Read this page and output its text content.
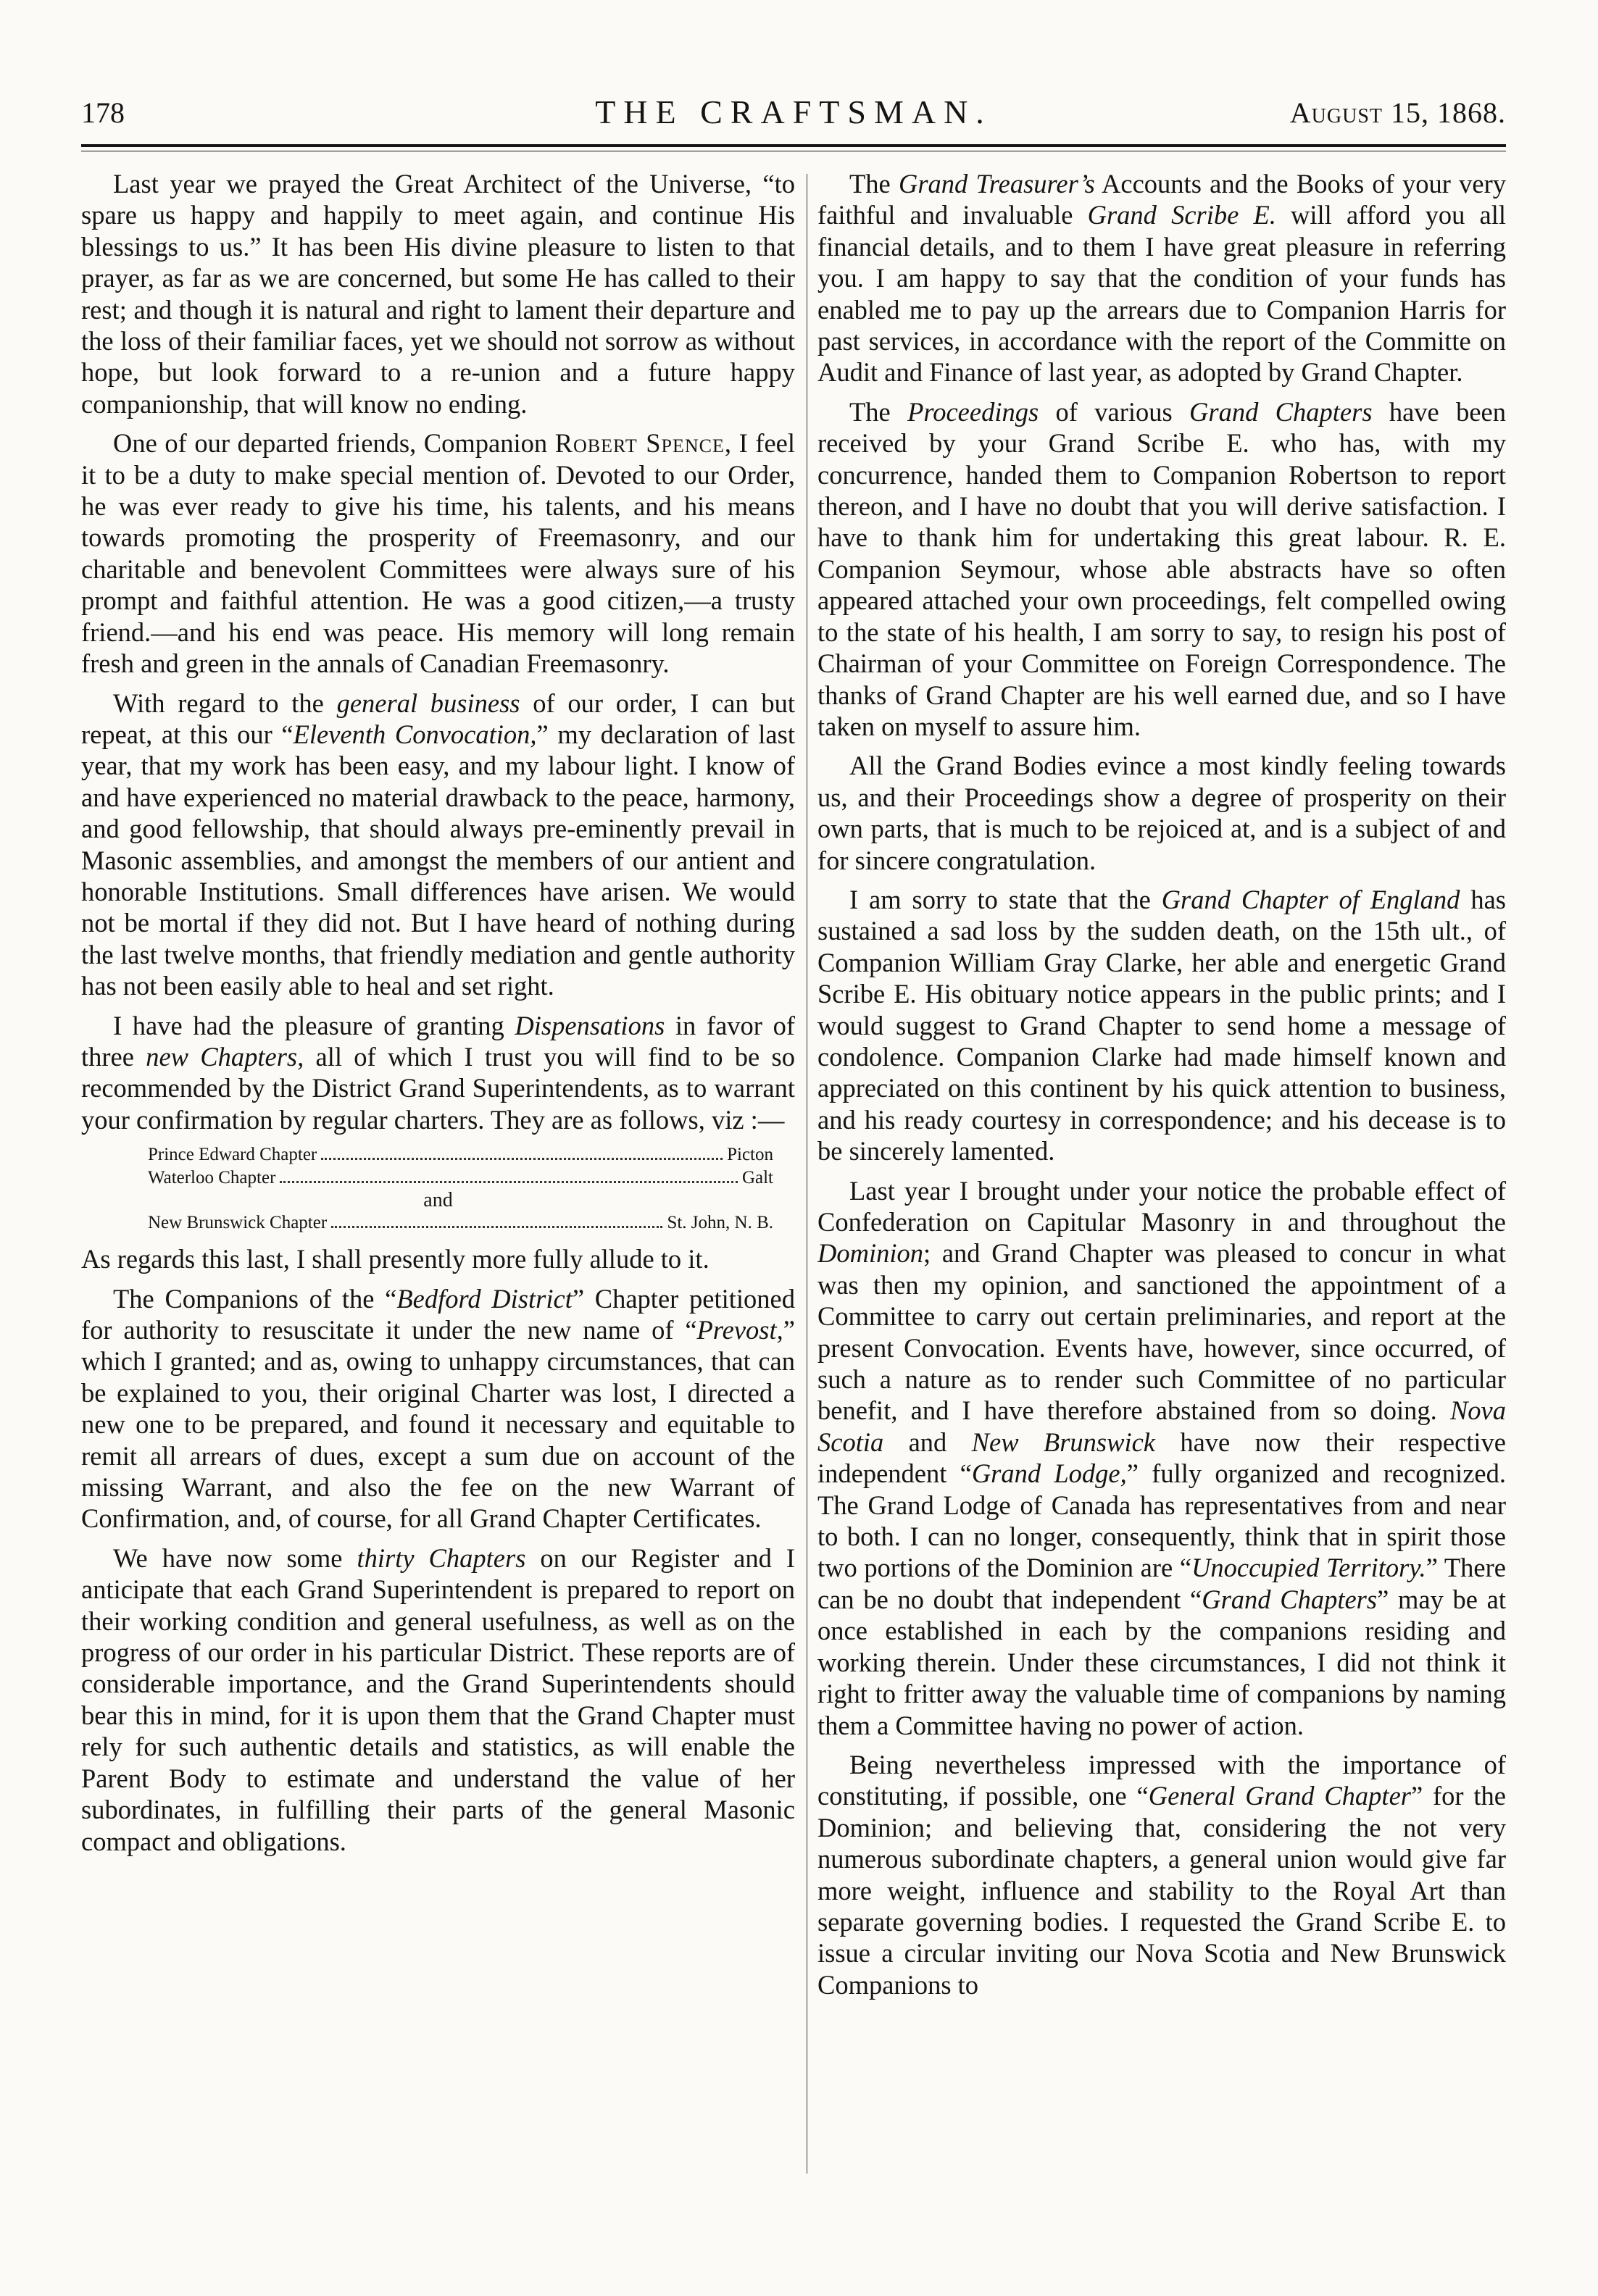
178	THE CRAFTSMAN.	August 15, 1868.

Last year we prayed the Great Architect of the Universe, “to spare us happy and happily to meet again, and continue His blessings to us.” It has been His divine pleasure to listen to that prayer, as far as we are concerned, but some He has called to their rest; and though it is natural and right to lament their departure and the loss of their familiar faces, yet we should not sorrow as without hope, but look forward to a re-union and a future happy companionship, that will know no ending.

One of our departed friends, Companion Robert Spence, I feel it to be a duty to make special mention of. Devoted to our Order, he was ever ready to give his time, his talents, and his means towards promoting the prosperity of Freemasonry, and our charitable and benevolent Committees were always sure of his prompt and faithful attention. He was a good citizen,—a trusty friend.—and his end was peace. His memory will long remain fresh and green in the annals of Canadian Freemasonry.

With regard to the general business of our order, I can but repeat, at this our “Eleventh Convocation,” my declaration of last year, that my work has been easy, and my labour light. I know of and have experienced no material drawback to the peace, harmony, and good fellowship, that should always pre-eminently prevail in Masonic assemblies, and amongst the members of our antient and honorable Institutions. Small differences have arisen. We would not be mortal if they did not. But I have heard of nothing during the last twelve months, that friendly mediation and gentle authority has not been easily able to heal and set right.

I have had the pleasure of granting Dispensations in favor of three new Chapters, all of which I trust you will find to be so recommended by the District Grand Superintendents, as to warrant your confirmation by regular charters. They are as follows, viz :—

Prince Edward Chapter	Picton
Waterloo Chapter	Galt
and
New Brunswick Chapter	St. John, N. B.

As regards this last, I shall presently more fully allude to it.

The Companions of the “Bedford District” Chapter petitioned for authority to resuscitate it under the new name of “Prevost,” which I granted; and as, owing to unhappy circumstances, that can be explained to you, their original Charter was lost, I directed a new one to be prepared, and found it necessary and equitable to remit all arrears of dues, except a sum due on account of the missing Warrant, and also the fee on the new Warrant of Confirmation, and, of course, for all Grand Chapter Certificates.

We have now some thirty Chapters on our Register and I anticipate that each Grand Superintendent is prepared to report on their working condition and general usefulness, as well as on the progress of our order in his particular District. These reports are of considerable importance, and the Grand Superintendents should bear this in mind, for it is upon them that the Grand Chapter must rely for such authentic details and statistics, as will enable the Parent Body to estimate and understand the value of her subordinates, in fulfilling their parts of the general Masonic compact and obligations.

The Grand Treasurer’s Accounts and the Books of your very faithful and invaluable Grand Scribe E. will afford you all financial details, and to them I have great pleasure in referring you. I am happy to say that the condition of your funds has enabled me to pay up the arrears due to Companion Harris for past services, in accordance with the report of the Committe on Audit and Finance of last year, as adopted by Grand Chapter.

The Proceedings of various Grand Chapters have been received by your Grand Scribe E. who has, with my concurrence, handed them to Companion Robertson to report thereon, and I have no doubt that you will derive satisfaction. I have to thank him for undertaking this great labour. R. E. Companion Seymour, whose able abstracts have so often appeared attached your own proceedings, felt compelled owing to the state of his health, I am sorry to say, to resign his post of Chairman of your Committee on Foreign Correspondence. The thanks of Grand Chapter are his well earned due, and so I have taken on myself to assure him.

All the Grand Bodies evince a most kindly feeling towards us, and their Proceedings show a degree of prosperity on their own parts, that is much to be rejoiced at, and is a subject of and for sincere congratulation.

I am sorry to state that the Grand Chapter of England has sustained a sad loss by the sudden death, on the 15th ult., of Companion William Gray Clarke, her able and energetic Grand Scribe E. His obituary notice appears in the public prints; and I would suggest to Grand Chapter to send home a message of condolence. Companion Clarke had made himself known and appreciated on this continent by his quick attention to business, and his ready courtesy in correspondence; and his decease is to be sincerely lamented.

Last year I brought under your notice the probable effect of Confederation on Capitular Masonry in and throughout the Dominion; and Grand Chapter was pleased to concur in what was then my opinion, and sanctioned the appointment of a Committee to carry out certain preliminaries, and report at the present Convocation. Events have, however, since occurred, of such a nature as to render such Committee of no particular benefit, and I have therefore abstained from so doing. Nova Scotia and New Brunswick have now their respective independent “Grand Lodge,” fully organized and recognized. The Grand Lodge of Canada has representatives from and near to both. I can no longer, consequently, think that in spirit those two portions of the Dominion are “Unoccupied Territory.” There can be no doubt that independent “Grand Chapters” may be at once established in each by the companions residing and working therein. Under these circumstances, I did not think it right to fritter away the valuable time of companions by naming them a Committee having no power of action.

Being nevertheless impressed with the importance of constituting, if possible, one “General Grand Chapter” for the Dominion; and believing that, considering the not very numerous subordinate chapters, a general union would give far more weight, influence and stability to the Royal Art than separate governing bodies. I requested the Grand Scribe E. to issue a circular inviting our Nova Scotia and New Brunswick Companions to
